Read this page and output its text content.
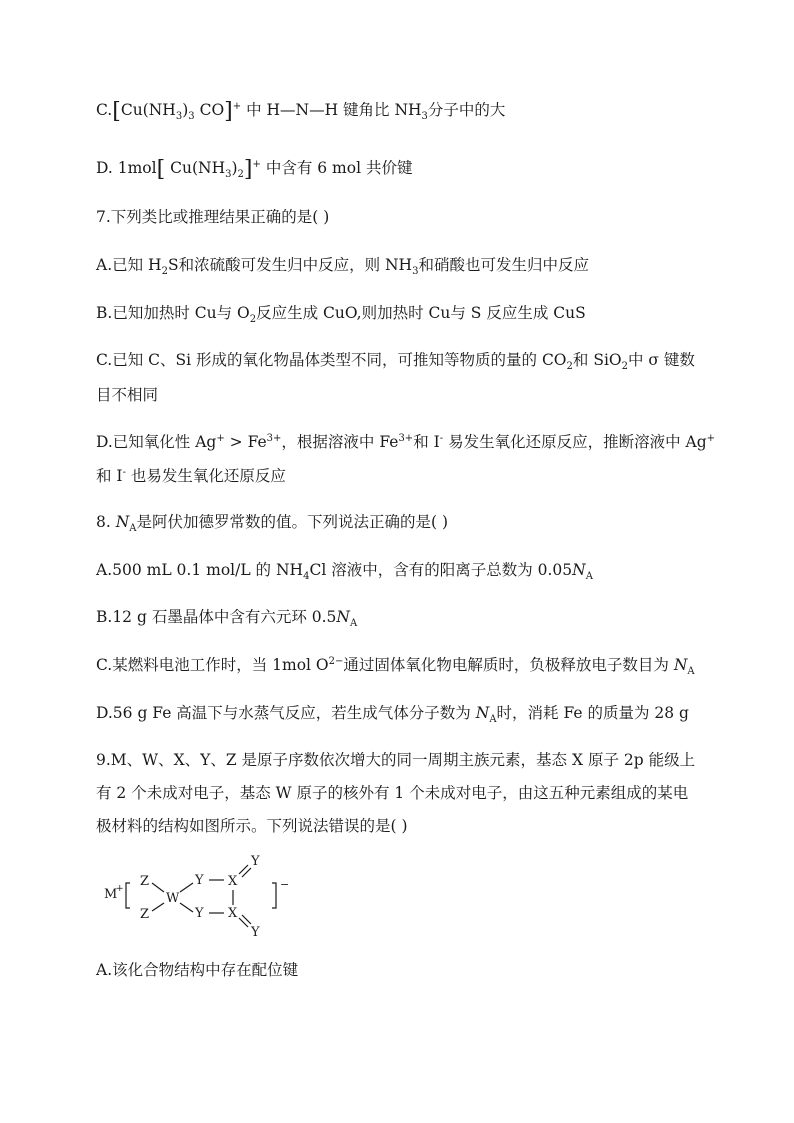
$C.[Cu(NH_3)_3$ CO]+ 中 H—N—H 键角比 $NH_3$分子中的大
D. 1mol[ $Cu(NH_3)_2]^+$ 中含有 6 mol 共价键
7.下列类比或推理结果正确的是( )
A.已知 $H_2S$和浓硫酸可发生归中反应，则 $NH_3$和硝酸也可发生归中反应
B.已知加热时 Cu与 $O_2$反应生成 CuO,则加热时 Cu与 S 反应生成 CuS
C.已知 C、Si 形成的氧化物晶体类型不同，可推知等物质的量的 $CO_2$和 SiO$_2$中 σ 键数
目不相同
D.已知氧化性 $Ag^+ > Fe^{3+}$，根据溶液中 $Fe^{3+}$和 I- 易发生氧化还原反应，推断溶液中 Ag+
和 I- 也易发生氧化还原反应
8. $N_A$是阿伏加德罗常数的值。下列说法正确的是( )
A.500 mL 0.1 mol/L 的 $NH_4Cl$ 溶液中，含有的阳离子总数为 $0.05N_A$
B.12 g 石墨晶体中含有六元环 $0.5N_A$
C.某燃料电池工作时，当 1mol $O^{2-}$通过固体氧化物电解质时，负极释放电子数目为 $N_A$
D.56 g Fe 高温下与水蒸气反应，若生成气体分子数为 $N_A$时，消耗 Fe 的质量为 28 g
9.M、W、X、Y、Z 是原子序数依次增大的同一周期主族元素，基态 X 原子 2p 能级上
有 2 个未成对电子，基态 W 原子的核外有 1 个未成对电子，由这五种元素组成的某电
极材料的结构如图所示。下列说法错误的是( )
M
+ Z
Z
W
Y
Y
X
X
Y
Y
−
A.该化合物结构中存在配位键
